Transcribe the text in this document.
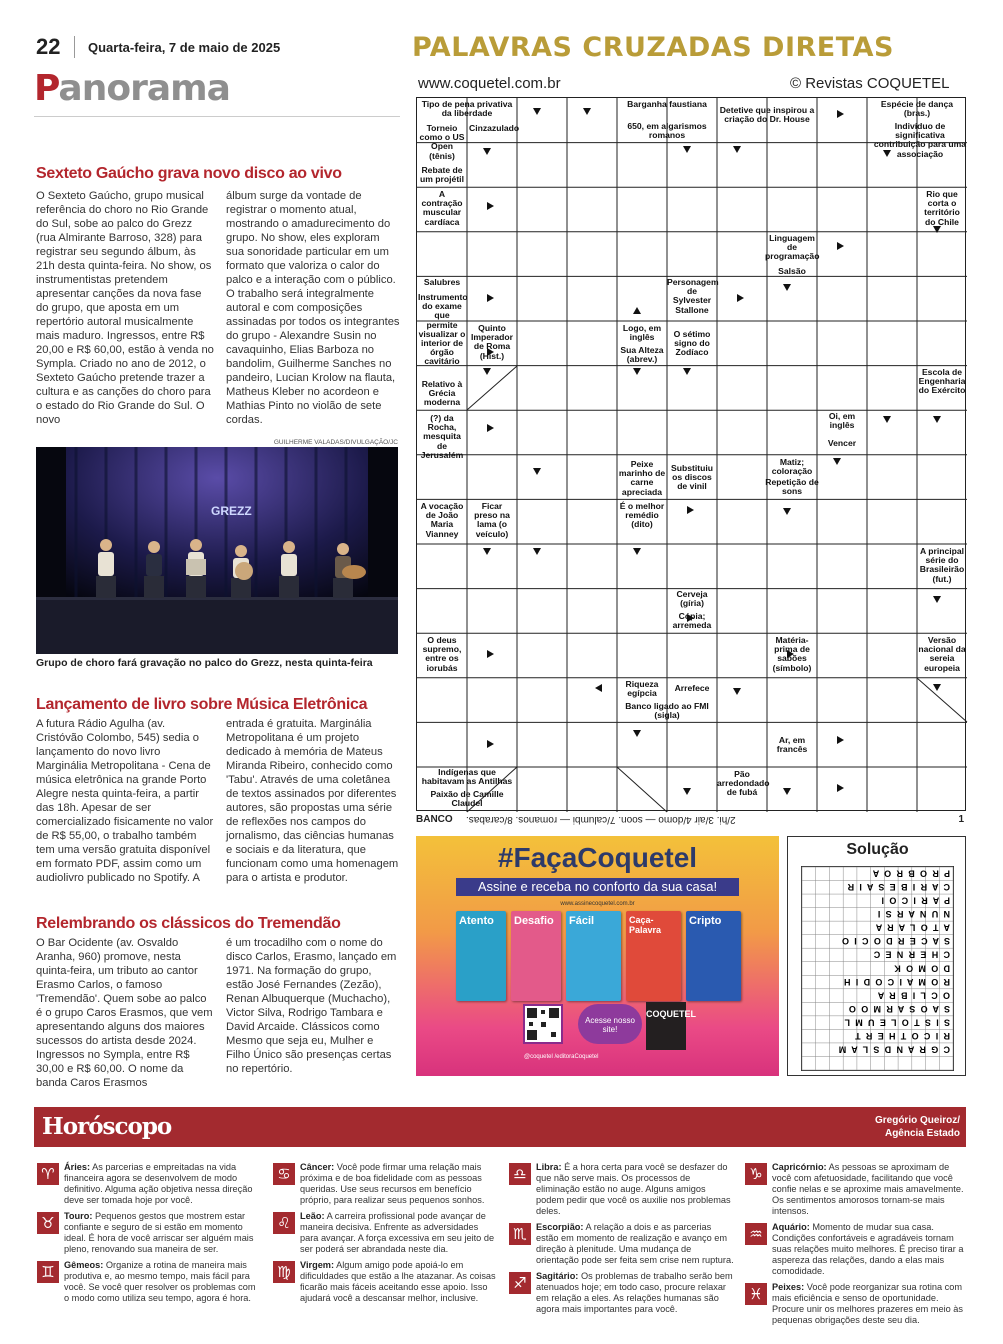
22 Quarta-feira, 7 de maio de 2025
Panorama
Sexteto Gaúcho grava novo disco ao vivo
O Sexteto Gaúcho, grupo musical referência do choro no Rio Grande do Sul, sobe ao palco do Grezz (rua Almirante Barroso, 328) para registrar seu segundo álbum, às 21h desta quinta-feira. No show, os instrumentistas pretendem apresentar canções da nova fase do grupo, que aposta em um repertório autoral musicalmente mais maduro. Ingressos, entre R$ 20,00 e R$ 60,00, estão à venda no Sympla. Criado no ano de 2012, o Sexteto Gaúcho pretende trazer a cultura e as canções do choro para o estado do Rio Grande do Sul. O novo
álbum surge da vontade de registrar o momento atual, mostrando o amadurecimento do grupo. No show, eles exploram sua sonoridade particular em um formato que valoriza o calor do palco e a interação com o público. O trabalho será integralmente autoral e com composições assinadas por todos os integrantes do grupo - Alexandre Susin no cavaquinho, Elias Barboza no bandolim, Guilherme Sanches no pandeiro, Lucian Krolow na flauta, Matheus Kleber no acordeon e Mathias Pinto no violão de sete cordas.
GUILHERME VALADAS/DIVULGAÇÃO/JC
GREZZ
Grupo de choro fará gravação no palco do Grezz, nesta quinta-feira
Lançamento de livro sobre Música Eletrônica
A futura Rádio Agulha (av. Cristóvão Colombo, 545) sedia o lançamento do novo livro Marginália Metropolitana - Cena de música eletrônica na grande Porto Alegre nesta quinta-feira, a partir das 18h. Apesar de ser comercializado fisicamente no valor de R$ 55,00, o trabalho também tem uma versão gratuita disponível em formato PDF, assim como um audiolivro publicado no Spotify. A
entrada é gratuita. Marginália Metropolitana é um projeto dedicado à memória de Mateus Miranda Ribeiro, conhecido como 'Tabu'. Através de uma coletânea de textos assinados por diferentes autores, são propostas uma série de reflexões nos campos do jornalismo, das ciências humanas e sociais e da literatura, que funcionam como uma homenagem para o artista e produtor.
Relembrando os clássicos do Tremendão
O Bar Ocidente (av. Osvaldo Aranha, 960) promove, nesta quinta-feira, um tributo ao cantor Erasmo Carlos, o famoso 'Tremendão'. Quem sobe ao palco é o grupo Caros Erasmos, que vem apresentando alguns dos maiores sucessos do artista desde 2024. Ingressos no Sympla, entre R$ 30,00 e R$ 60,00. O nome da banda Caros Erasmos
é um trocadilho com o nome do disco Carlos, Erasmo, lançado em 1971. Na formação do grupo, estão José Fernandes (Zezão), Renan Albuquerque (Muchacho), Victor Silva, Rodrigo Tambara e David Arcaide. Clássicos como Mesmo que seja eu, Mulher e Filho Único são presenças certas no repertório.
PALAVRAS CRUZADAS DIRETAS
www.coquetel.com.br	© Revistas COQUETEL
Tipo de pena privativa da liberdade
Barganha faustiana
650, em algarismos romanos
Detetive que inspirou a criação do Dr. House
Espécie de dança (bras.)
Indivíduo de significativa contribuição para uma associação
Torneio como o US Open (tênis)
Cinzazulado
Rebate de um projétil
A contração muscular cardíaca
Rio que corta o território do Chile
Linguagem de programação
Salsão
Salubres	Personagem de Sylvester Stallone
Instrumento do exame que permite visualizar o interior de órgão cavitário
Quinto Imperador de Roma (Hist.)
Logo, em inglês
Sua Alteza (abrev.)
O sétimo signo do Zodíaco
Relativo à Grécia moderna
Escola de Engenharia do Exército
(?) da Rocha, mesquita de Jerusalém
Oi, em inglês
Vencer
Peixe marinho de carne apreciada
Substituiu os discos de vinil
Matiz; coloração
Repetição de sons
A vocação de João Maria Vianney
Ficar preso na lama (o veículo)
É o melhor remédio (dito)
A principal série do Brasileirão (fut.)
Cerveja (gíria)
Cópia; arremeda
O deus supremo, entre os iorubás
Matéria-prima de sabões (símbolo)
Versão nacional da sereia europeia
Riqueza egípcia
Arrefece
Banco ligado ao FMI (sigla)
Ar, em francês
Indígenas que habitavam as Antilhas
Paixão de Camille Claudel
Pão arredondado de fubá
BANCO 2/hi. 3/air 4/domo — soon. 7/calumbi — romanos. 8/carabas.	1
#FaçaCoquetel
Assine e receba no conforto da sua casa!
www.assinecoquetel.com.br
Atento Desafio Fácil	Caça-Palavra
Cripto
Acesse nosso site!
COQUETEL
@coquetel /editoraCoquetel
Solução
C G R A N D S L A M
R I C O T H E R T
S I S T O L E U M L
S A O S A R M O O
O C L I B R A
R O M A I C O D I H
D O M O K
C H E R N E C
S A C E R D O C I O
A T O L A R A
N U N A R S I
P A R I C O I
C A R I B E S A I R
P R O B R O A
Horóscopo	Gregório Queiroz/
Agência Estado
♈	Áries: As parcerias e empreitadas na vida financeira agora se desenvolvem de modo definitivo. Alguma ação objetiva nessa direção deve ser tomada hoje por você.
♉	Touro: Pequenos gestos que mostrem estar confiante e seguro de si estão em momento ideal. É hora de você arriscar ser alguém mais pleno, renovando sua maneira de ser.
♊	Gêmeos: Organize a rotina de maneira mais produtiva e, ao mesmo tempo, mais fácil para você. Se você quer resolver os problemas com o modo como utiliza seu tempo, agora é hora.
♋	Câncer: Você pode firmar uma relação mais próxima e de boa fidelidade com as pessoas queridas. Use seus recursos em benefício próprio, para realizar seus pequenos sonhos.
♌	Leão: A carreira profissional pode avançar de maneira decisiva. Enfrente as adversidades para avançar. A força excessiva em seu jeito de ser poderá ser abrandada neste dia.
♍	Virgem: Algum amigo pode apoiá-lo em dificuldades que estão a lhe atazanar. As coisas ficarão mais fáceis aceitando esse apoio. Isso ajudará você a descansar melhor, inclusive.
♎	Libra: É a hora certa para você se desfazer do que não serve mais. Os processos de eliminação estão no auge. Alguns amigos podem pedir que você os auxilie nos problemas deles.
♏	Escorpião: A relação a dois e as parcerias estão em momento de realização e avanço em direção à plenitude. Uma mudança de orientação pode ser feita sem crise nem ruptura.
♐	Sagitário: Os problemas de trabalho serão bem atenuados hoje; em todo caso, procure relaxar em relação a eles. As relações humanas são agora mais importantes para você.
♑	Capricórnio: As pessoas se aproximam de você com afetuosidade, facilitando que você confie nelas e se aproxime mais amavelmente. Os sentimentos amorosos tornam-se mais intensos.
♒	Aquário: Momento de mudar sua casa. Condições confortáveis e agradáveis tornam suas relações muito melhores. É preciso tirar a aspereza das relações, dando a elas mais comodidade.
♓	Peixes: Você pode reorganizar sua rotina com mais eficiência e senso de oportunidade. Procure unir os melhores prazeres em meio às pequenas obrigações deste seu dia.
